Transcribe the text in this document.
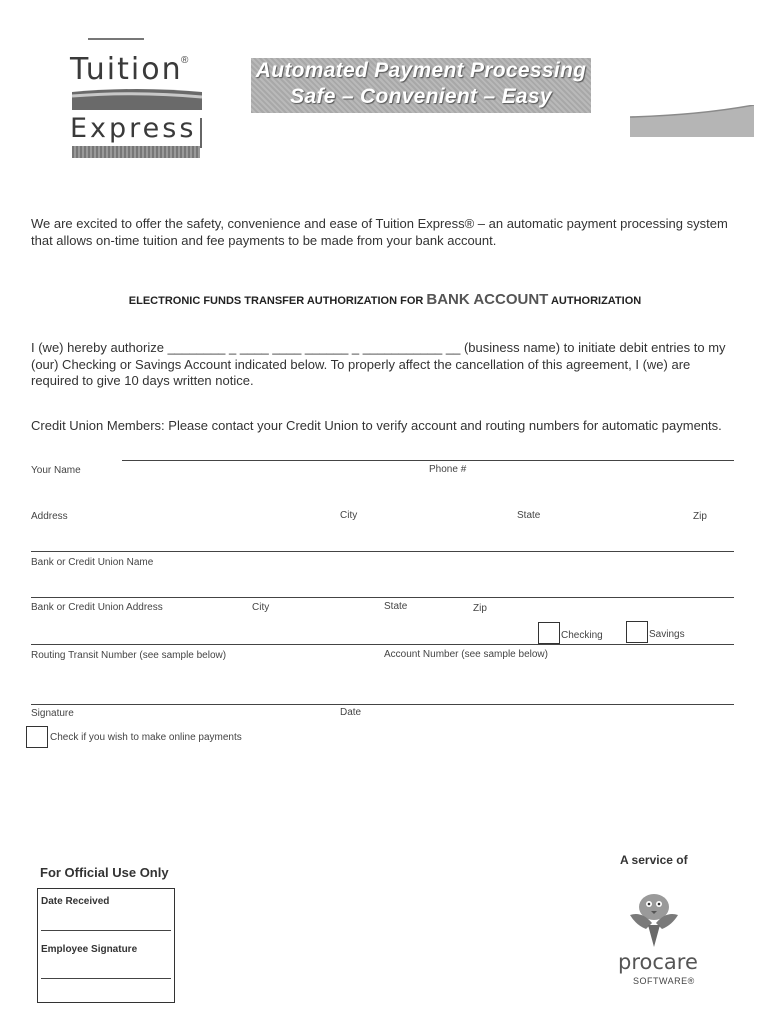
Tuition
®
Express
Automated Payment Processing
Safe – Convenient – Easy
We are excited to offer the safety, convenience and ease of Tuition Express® – an automatic payment processing system that allows on-time tuition and fee payments to be made from your bank account.
ELECTRONIC FUNDS TRANSFER AUTHORIZATION FOR BANK ACCOUNT AUTHORIZATION
I (we) hereby authorize ________ _ ____ ____ ______ _ ___________ __ (business name) to initiate debit entries to my (our) Checking or Savings Account indicated below. To properly affect the cancellation of this agreement, I (we) are required to give 10 days written notice.
Credit Union Members: Please contact your Credit Union to verify account and routing numbers for automatic payments.
Your Name	Phone #
Address	City	State	Zip
Bank or Credit Union Name
Bank or Credit Union Address	City	State	Zip
Checking	Savings
Routing Transit Number (see sample below)	Account Number (see sample below)
Signature	Date
Check if you wish to make online payments
For Official Use Only
Date Received
Employee Signature
A service of
procare
SOFTWARE®
